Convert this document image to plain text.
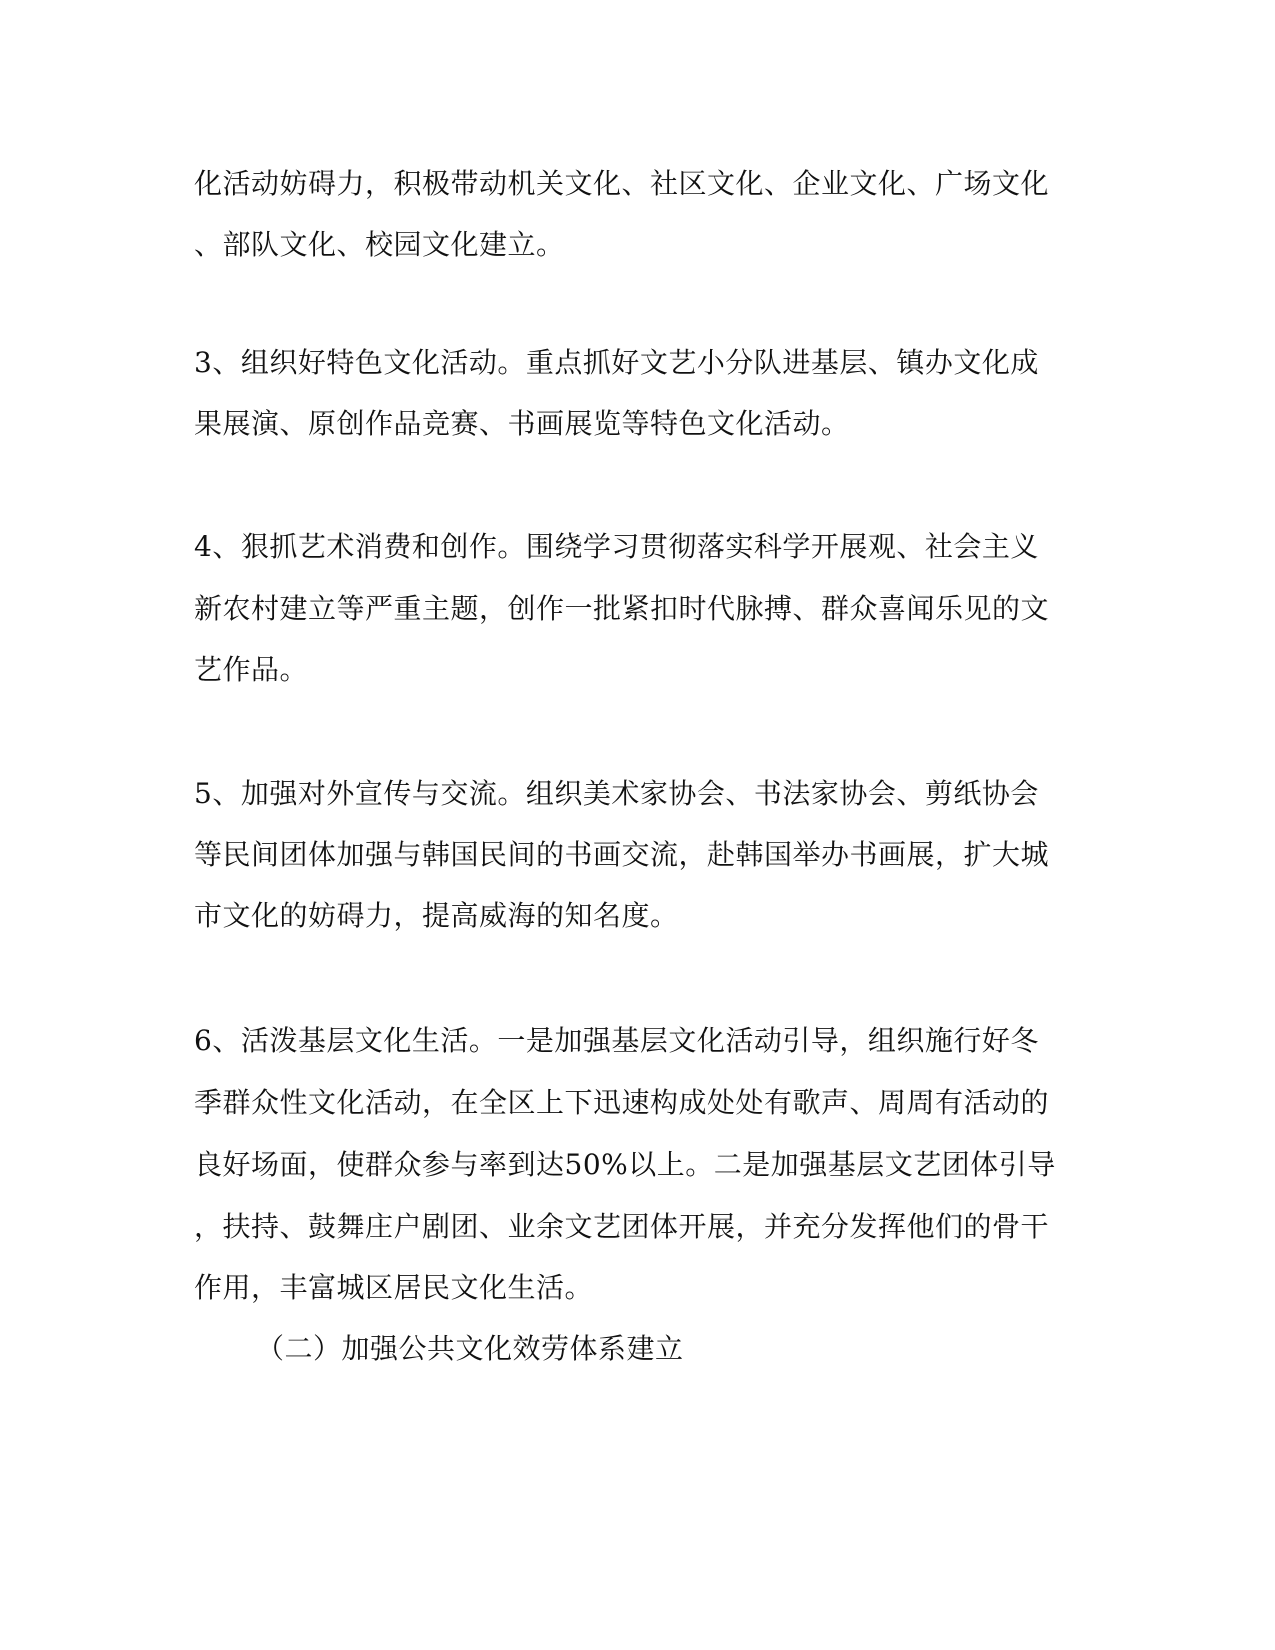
化活动妨碍力，积极带动机关文化、社区文化、企业文化、广场文化
、部队文化、校园文化建立。
3、组织好特色文化活动。重点抓好文艺小分队进基层、镇办文化成
果展演、原创作品竞赛、书画展览等特色文化活动。
4、狠抓艺术消费和创作。围绕学习贯彻落实科学开展观、社会主义
新农村建立等严重主题，创作一批紧扣时代脉搏、群众喜闻乐见的文
艺作品。
5、加强对外宣传与交流。组织美术家协会、书法家协会、剪纸协会
等民间团体加强与韩国民间的书画交流，赴韩国举办书画展，扩大城
市文化的妨碍力，提高威海的知名度。
6、活泼基层文化生活。一是加强基层文化活动引导，组织施行好冬
季群众性文化活动，在全区上下迅速构成处处有歌声、周周有活动的
良好场面，使群众参与率到达50%以上。二是加强基层文艺团体引导
，扶持、鼓舞庄户剧团、业余文艺团体开展，并充分发挥他们的骨干
作用，丰富城区居民文化生活。
（二）加强公共文化效劳体系建立
